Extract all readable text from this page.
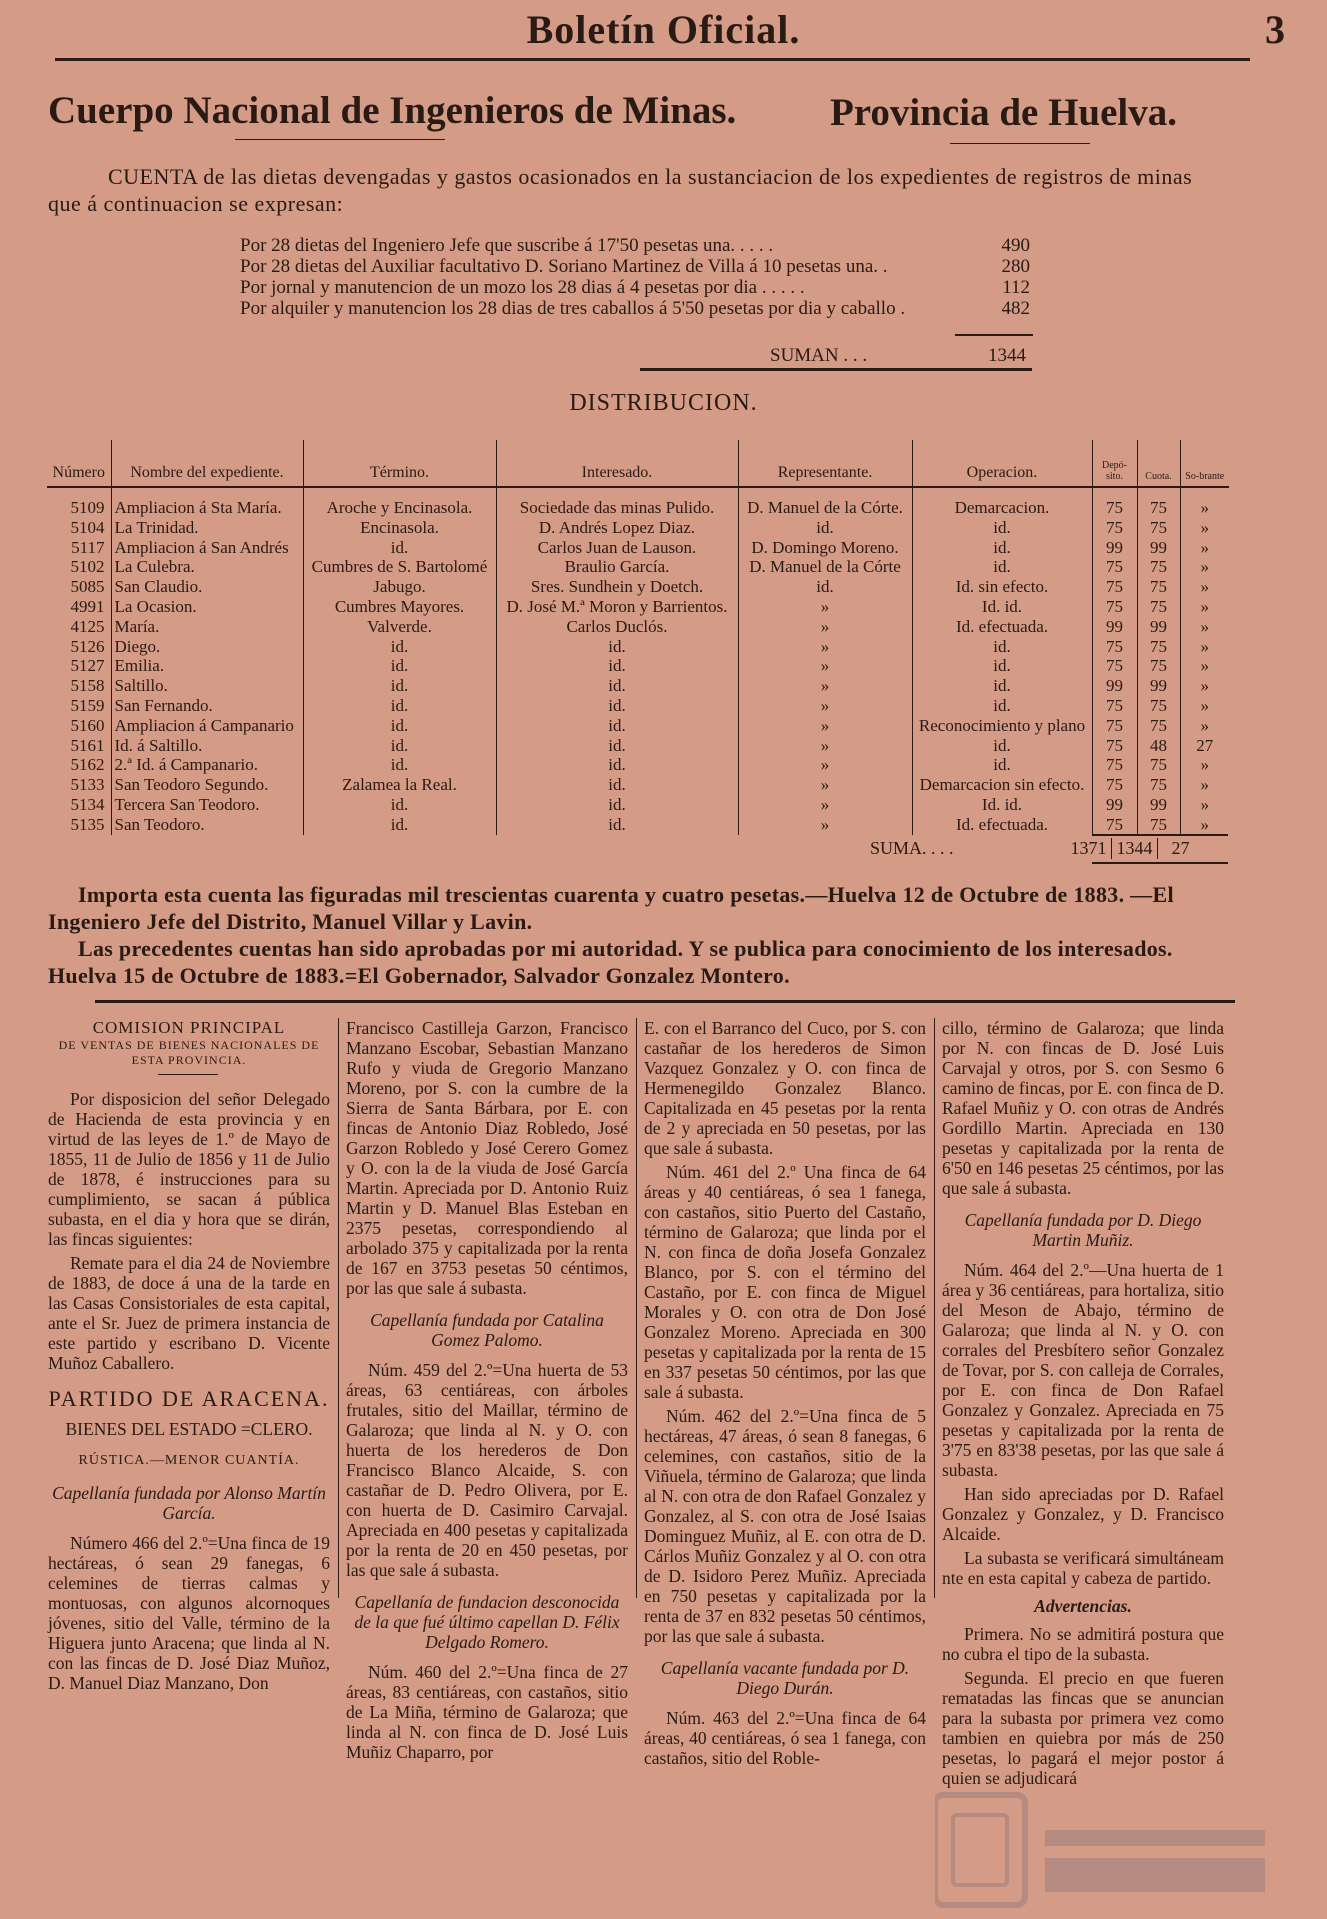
Boletín Oficial.	3
Cuerpo Nacional de Ingenieros de Minas. Provincia de Huelva.
CUENTA de las dietas devengadas y gastos ocasionados en la sustanciacion de los expedientes de registros de minas que á continuacion se expresan:
Por 28 dietas del Ingeniero Jefe que suscribe á 17'50 pesetas una. . . . .	490
Por 28 dietas del Auxiliar facultativo D. Soriano Martinez de Villa á 10 pesetas una. .	280
Por jornal y manutencion de un mozo los 28 dias á 4 pesetas por dia . . . . .	112
Por alquiler y manutencion los 28 dias de tres caballos á 5'50 pesetas por dia y caballo .	482
SUMAN . . .	1344
DISTRIBUCION.
Número	Nombre del expediente.	Término.	Interesado.	Representante.	Operacion.	Depó-sito.	Cuota.	So-brante
5109	Ampliacion á Sta María.	Aroche y Encinasola.	Sociedade das minas Pulido.	D. Manuel de la Córte.	Demarcacion.	75	75	»
5104	La Trinidad.	Encinasola.	D. Andrés Lopez Diaz.	id.	id.	75	75	»
5117	Ampliacion á San Andrés	id.	Carlos Juan de Lauson.	D. Domingo Moreno.	id.	99	99	»
5102	La Culebra.	Cumbres de S. Bartolomé	Braulio García.	D. Manuel de la Córte	id.	75	75	»
5085	San Claudio.	Jabugo.	Sres. Sundhein y Doetch.	id.	Id. sin efecto.	75	75	»
4991	La Ocasion.	Cumbres Mayores.	D. José M.ª Moron y Barrientos.	»	Id. id.	75	75	»
4125	María.	Valverde.	Carlos Duclós.	»	Id. efectuada.	99	99	»
5126	Diego.	id.	id.	»	id.	75	75	»
5127	Emilia.	id.	id.	»	id.	75	75	»
5158	Saltillo.	id.	id.	»	id.	99	99	»
5159	San Fernando.	id.	id.	»	id.	75	75	»
5160	Ampliacion á Campanario	id.	id.	»	Reconocimiento y plano	75	75	»
5161	Id. á Saltillo.	id.	id.	»	id.	75	48	27
5162	2.ª Id. á Campanario.	id.	id.	»	id.	75	75	»
5133	San Teodoro Segundo.	Zalamea la Real.	id.	»	Demarcacion sin efecto.	75	75	»
5134	Tercera San Teodoro.	id.	id.	»	Id. id.	99	99	»
5135	San Teodoro.	id.	id.	»	Id. efectuada.	75	75	»
SUMA. . . .	1371 1344	27

Importa esta cuenta las figuradas mil trescientas cuarenta y cuatro pesetas.—Huelva 12 de Octubre de 1883. —El Ingeniero Jefe del Distrito, Manuel Villar y Lavin.

Las precedentes cuentas han sido aprobadas por mi autoridad. Y se publica para conocimiento de los interesados. Huelva 15 de Octubre de 1883.=El Gobernador, Salvador Gonzalez Montero.

COMISION PRINCIPAL
DE VENTAS DE BIENES NACIONALES DE ESTA PROVINCIA.

Por disposicion del señor Delegado de Hacienda de esta provincia y en virtud de las leyes de 1.º de Mayo de 1855, 11 de Julio de 1856 y 11 de Julio de 1878, é instrucciones para su cumplimiento, se sacan á pública subasta, en el dia y hora que se dirán, las fincas siguientes:

Remate para el dia 24 de Noviembre de 1883, de doce á una de la tarde en las Casas Consistoriales de esta capital, ante el Sr. Juez de primera instancia de este partido y escribano D. Vicente Muñoz Caballero.

PARTIDO DE ARACENA.
BIENES DEL ESTADO =CLERO.
RÚSTICA.—MENOR CUANTÍA.
Capellanía fundada por Alonso Martín García.

Número 466 del 2.º=Una finca de 19 hectáreas, ó sean 29 fanegas, 6 celemines de tierras calmas y montuosas, con algunos alcornoques jóvenes, sitio del Valle, término de la Higuera junto Aracena; que linda al N. con las fincas de D. José Diaz Muñoz, D. Manuel Diaz Manzano, Don

Francisco Castilleja Garzon, Francisco Manzano Escobar, Sebastian Manzano Rufo y viuda de Gregorio Manzano Moreno, por S. con la cumbre de la Sierra de Santa Bárbara, por E. con fincas de Antonio Diaz Robledo, José Garzon Robledo y José Cerero Gomez y O. con la de la viuda de José García Martin. Apreciada por D. Antonio Ruiz Martin y D. Manuel Blas Esteban en 2375 pesetas, correspondiendo al arbolado 375 y capitalizada por la renta de 167 en 3753 pesetas 50 céntimos, por las que sale á subasta.

Capellanía fundada por Catalina Gomez Palomo.

Núm. 459 del 2.º=Una huerta de 53 áreas, 63 centiáreas, con árboles frutales, sitio del Maillar, término de Galaroza; que linda al N. y O. con huerta de los herederos de Don Francisco Blanco Alcaide, S. con castañar de D. Pedro Olivera, por E. con huerta de D. Casimiro Carvajal. Apreciada en 400 pesetas y capitalizada por la renta de 20 en 450 pesetas, por las que sale á subasta.

Capellanía de fundacion desconocida de la que fué último capellan D. Félix Delgado Romero.

Núm. 460 del 2.º=Una finca de 27 áreas, 83 centiáreas, con castaños, sitio de La Miña, término de Galaroza; que linda al N. con finca de D. José Luis Muñiz Chaparro, por

E. con el Barranco del Cuco, por S. con castañar de los herederos de Simon Vazquez Gonzalez y O. con finca de Hermenegildo Gonzalez Blanco. Capitalizada en 45 pesetas por la renta de 2 y apreciada en 50 pesetas, por las que sale á subasta.

Núm. 461 del 2.º Una finca de 64 áreas y 40 centiáreas, ó sea 1 fanega, con castaños, sitio Puerto del Castaño, término de Galaroza; que linda por el N. con finca de doña Josefa Gonzalez Blanco, por S. con el término del Castaño, por E. con finca de Miguel Morales y O. con otra de Don José Gonzalez Moreno. Apreciada en 300 pesetas y capitalizada por la renta de 15 en 337 pesetas 50 céntimos, por las que sale á subasta.

Núm. 462 del 2.º=Una finca de 5 hectáreas, 47 áreas, ó sean 8 fanegas, 6 celemines, con castaños, sitio de la Viñuela, término de Galaroza; que linda al N. con otra de don Rafael Gonzalez y Gonzalez, al S. con otra de José Isaias Dominguez Muñiz, al E. con otra de D. Cárlos Muñiz Gonzalez y al O. con otra de D. Isidoro Perez Muñiz. Apreciada en 750 pesetas y capitalizada por la renta de 37 en 832 pesetas 50 céntimos, por las que sale á subasta.

Capellanía vacante fundada por D. Diego Durán.

Núm. 463 del 2.º=Una finca de 64 áreas, 40 centiáreas, ó sea 1 fanega, con castaños, sitio del Roble-

cillo, término de Galaroza; que linda por N. con fincas de D. José Luis Carvajal y otros, por S. con Sesmo 6 camino de fincas, por E. con finca de D. Rafael Muñiz y O. con otras de Andrés Gordillo Martin. Apreciada en 130 pesetas y capitalizada por la renta de 6'50 en 146 pesetas 25 céntimos, por las que sale á subasta.

Capellanía fundada por D. Diego Martin Muñiz.

Núm. 464 del 2.º—Una huerta de 1 área y 36 centiáreas, para hortaliza, sitio del Meson de Abajo, término de Galaroza; que linda al N. y O. con corrales del Presbítero señor Gonzalez de Tovar, por S. con calleja de Corrales, por E. con finca de Don Rafael Gonzalez y Gonzalez. Apreciada en 75 pesetas y capitalizada por la renta de 3'75 en 83'38 pesetas, por las que sale á subasta.

Han sido apreciadas por D. Rafael Gonzalez y Gonzalez, y D. Francisco Alcaide.

La subasta se verificará simultáneam nte en esta capital y cabeza de partido.

Advertencias.

Primera. No se admitirá postura que no cubra el tipo de la subasta.

Segunda. El precio en que fueren rematadas las fincas que se anuncian para la subasta por primera vez como tambien en quiebra por más de 250 pesetas, lo pagará el mejor postor á quien se adjudicará
